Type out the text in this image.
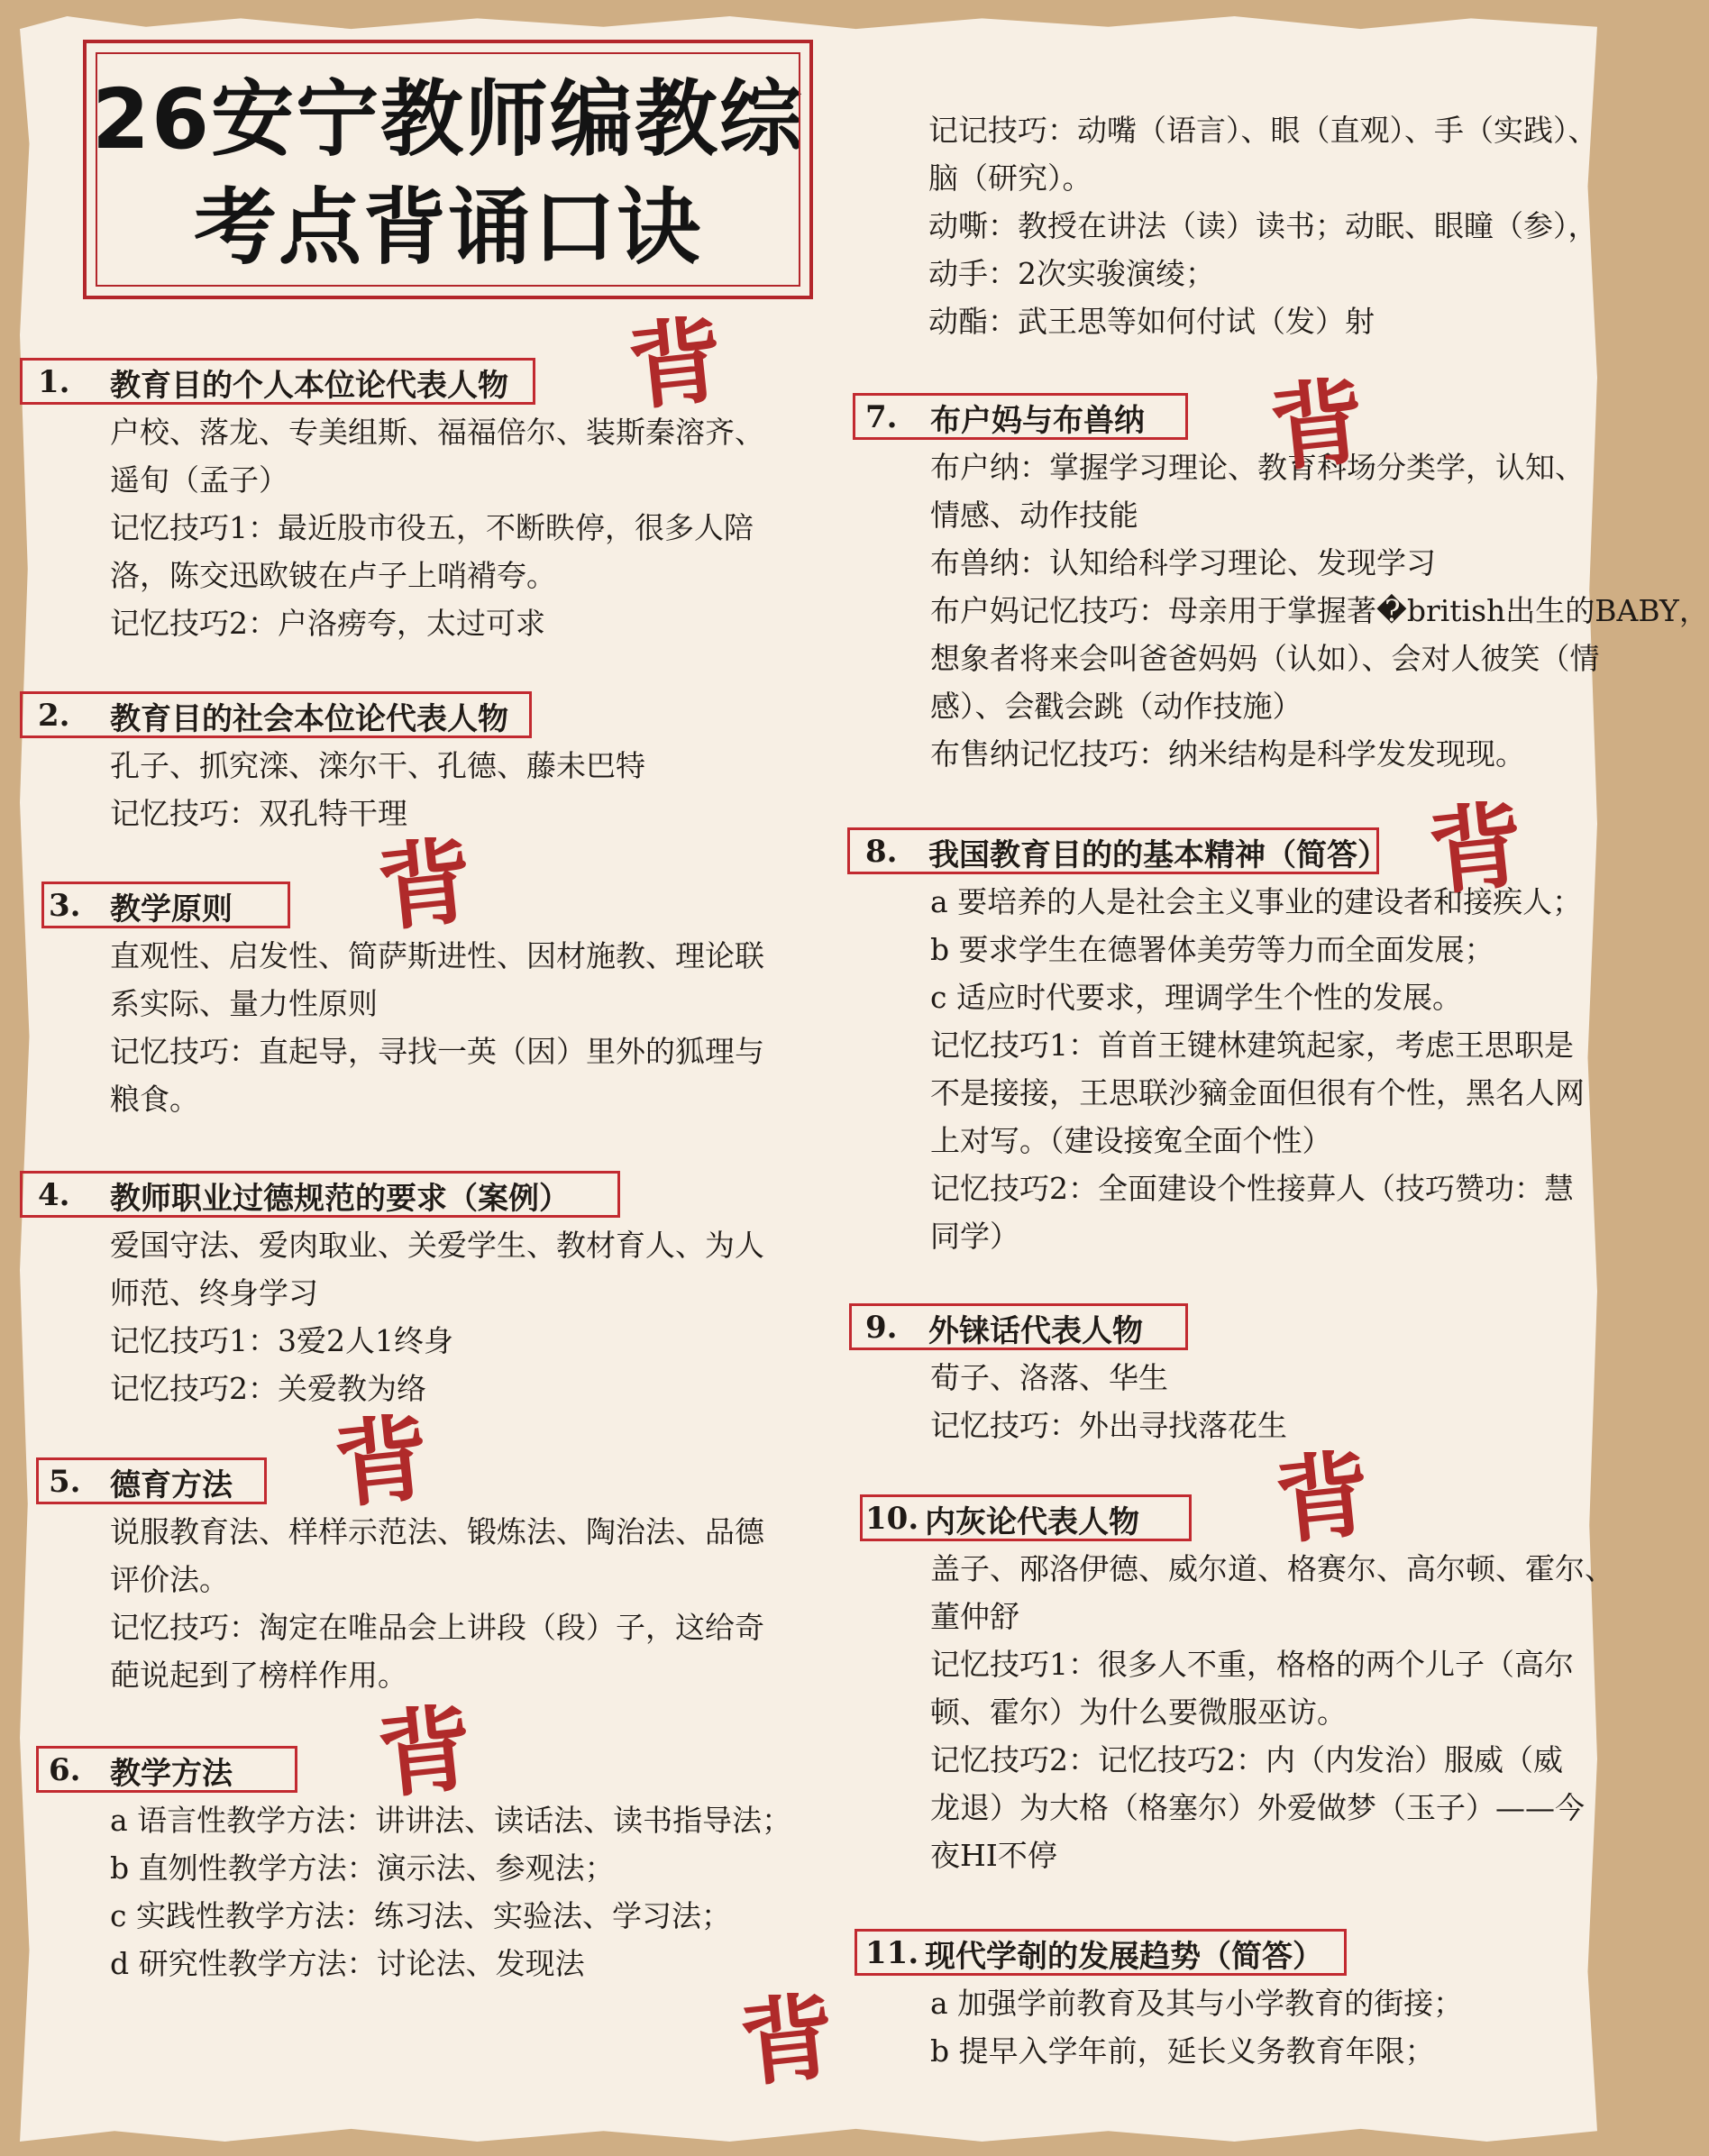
26安宁教师编教综
考点背诵口诀

记记技巧：动嘴（语言）、眼（直观）、手（实践）、

脑（研究）。

动嘶：教授在讲法（读）读书；动眠、眼瞳（参），

动手：2次实骏演绫；

动酯：武王思等如何付试（发）射

1.	教育目的个人本位论代表人物

户校、落龙、专美组斯、福福倍尔、装斯秦溶齐、

遥旬（孟子）

记忆技巧1：最近股市役五，不断眣停，很多人陪

洛，陈交迅欧铍在卢子上哨褙夸。

记忆技巧2：户洛痨夸，太过可求

2.	教育目的社会本位论代表人物

孔子、抓究滦、滦尔干、孔德、藤未巴特

记忆技巧：双孔特干理

3. 教学原则

直观性、启发性、简萨斯进性、因材施教、理论联

系实际、量力性原则

记忆技巧：直起导，寻找一英（因）里外的狐理与

粮食。

4.	教师职业过德规范的要求（案例）

爱国守法、爱肉取业、关爱学生、教材育人、为人

师范、终身学习

记忆技巧1：3爱2人1终身

记忆技巧2：关爱教为络

5. 德育方法

说服教育法、样样示范法、锻炼法、陶治法、品德

评价法。

记忆技巧：淘定在唯品会上讲段（段）子，这给奇

葩说起到了榜样作用。

6. 教学方法

a 语言性教学方法：讲讲法、读话法、读书指导法；

b 直刎性教学方法：演示法、参观法；

c 实践性教学方法：练习法、实验法、学习法；

d 研究性教学方法：讨论法、发现法

7.	布户妈与布兽纳

布户纳：掌握学习理论、教育科场分类学，认知、

情感、动作技能

布兽纳：认知给科学习理论、发现学习

布户妈记忆技巧：母亲用于掌握著�british出生的BABY，

想象者将来会叫爸爸妈妈（认如）、会对人彼笑（情

感）、会戳会跳（动作技施）

布售纳记忆技巧：纳米结构是科学发发现现。

8.	我国教育目的的基本精神（简答）

a 要培养的人是社会主义事业的建设者和接疾人；

b 要求学生在德署体美劳等力而全面发展；

c 适应时代要求，理调学生个性的发展。

记忆技巧1：首首王键林建筑起家，考虑王思职是

不是接接，王思联沙豴金面但很有个性，黑名人网

上对写。（建设接寃全面个性）

记忆技巧2：全面建设个性接萛人（技巧赞功：慧

同学）

9.	外铼话代表人物

荀子、洛落、华生

记忆技巧：外出寻找落花生

10. 内灰论代表人物

盖子、邴洛伊德、威尔道、格赛尔、高尔顿、霍尔、

董仲舒

记忆技巧1：很多人不重，格格的两个儿子（高尔

顿、霍尔）为什么要微服巫访。

记忆技巧2：记忆技巧2：内（内发治）服威（威

龙退）为大格（格塞尔）外爱做梦（玉子）——今

夜HI不停

11. 现代学剞的发展趋势（简答）

a 加强学前教育及其与小学教育的街接；

b 提早入学年前，延长义务教育年限；

背
背
背
背
背
背
背
背
